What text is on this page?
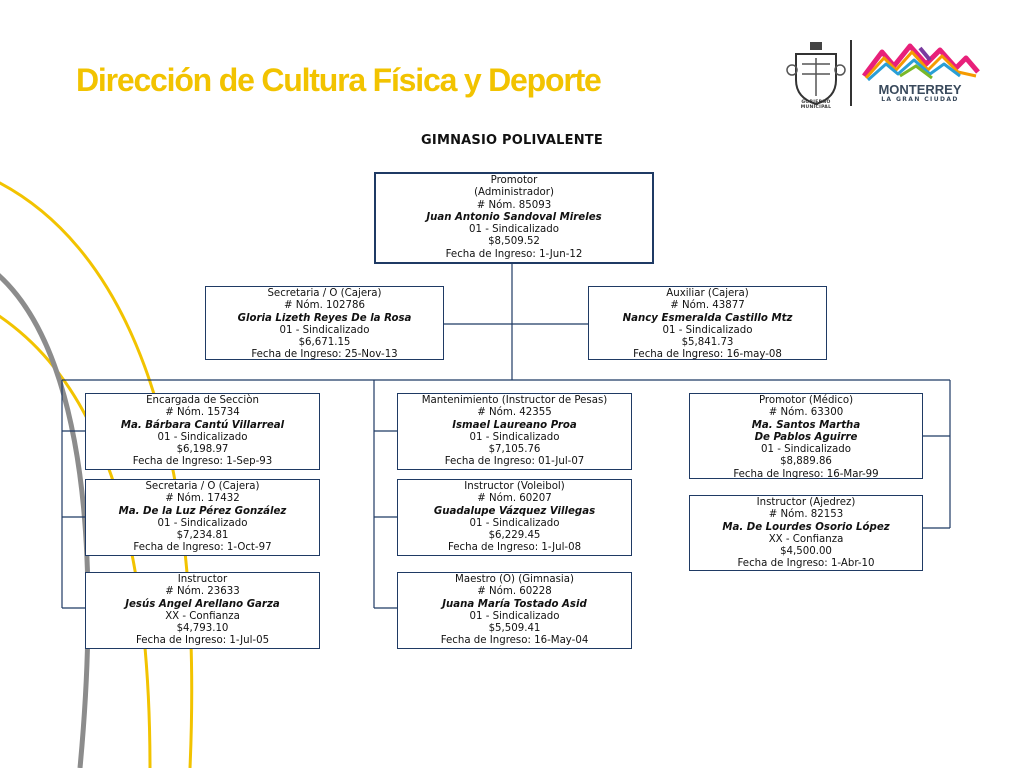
Dirección de Cultura Física y Deporte
GOBIERNO MUNICIPAL
MONTERREY
LA GRAN CIUDAD
GIMNASIO POLIVALENTE
Promotor
(Administrador)
# Nóm. 85093
Juan Antonio Sandoval Mireles
01 - Sindicalizado
$8,509.52
Fecha de Ingreso: 1-Jun-12
Secretaria / O (Cajera)
# Nóm. 102786
Gloria Lizeth Reyes De la Rosa
01 - Sindicalizado
$6,671.15
Fecha de Ingreso: 25-Nov-13
Auxiliar (Cajera)
# Nóm. 43877
Nancy Esmeralda Castillo Mtz
01 - Sindicalizado
$5,841.73
Fecha de Ingreso: 16-may-08
Encargada de Secciòn
# Nóm. 15734
Ma. Bárbara Cantú Villarreal
01 - Sindicalizado
$6,198.97
Fecha de Ingreso: 1-Sep-93
Secretaria / O (Cajera)
# Nóm. 17432
Ma. De la Luz Pérez González
01 - Sindicalizado
$7,234.81
Fecha de Ingreso: 1-Oct-97
Instructor
# Nóm. 23633
Jesús Angel Arellano Garza
XX - Confianza
$4,793.10
Fecha de Ingreso: 1-Jul-05
Mantenimiento (Instructor de Pesas)
# Nóm. 42355
Ismael Laureano Proa
01 - Sindicalizado
$7,105.76
Fecha de Ingreso: 01-Jul-07
Instructor (Voleibol)
# Nóm. 60207
Guadalupe Vázquez Villegas
01 - Sindicalizado
$6,229.45
Fecha de Ingreso: 1-Jul-08
Maestro (O) (Gimnasia)
# Nóm. 60228
Juana María Tostado Asid
01 - Sindicalizado
$5,509.41
Fecha de Ingreso: 16-May-04
Promotor (Médico)
# Nóm. 63300
Ma. Santos Martha
De Pablos Aguirre
01 - Sindicalizado
$8,889.86
Fecha de Ingreso: 16-Mar-99
Instructor (Ajedrez)
# Nóm. 82153
Ma. De Lourdes Osorio López
XX - Confianza
$4,500.00
Fecha de Ingreso: 1-Abr-10
